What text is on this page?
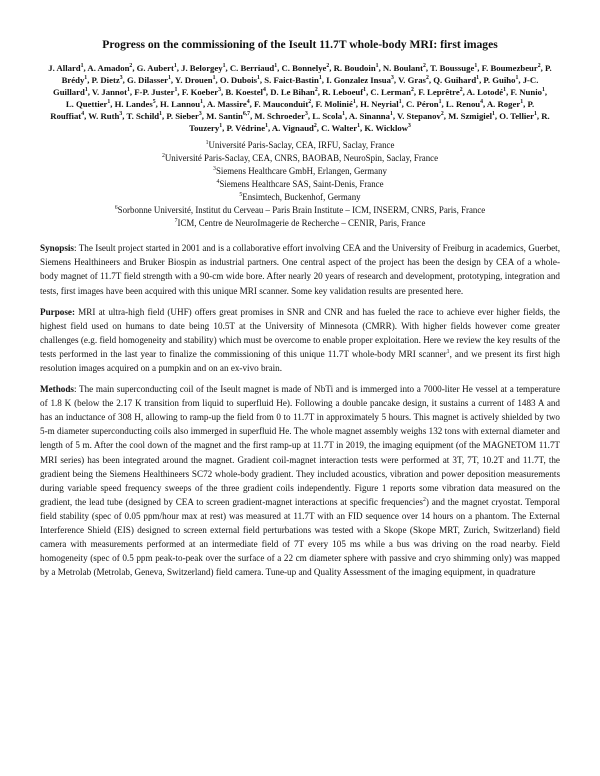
Progress on the commissioning of the Iseult 11.7T whole-body MRI: first images
J. Allard$^1$, A. Amadon$^2$, G. Aubert$^1$, J. Belorgey$^1$, C. Berriaud$^1$, C. Bonnelye$^2$, R. Boudoin$^1$, N. Boulant$^2$, T. Boussuge$^1$, F. Boumezbeur$^2$, P. Brédy$^1$, P. Dietz$^3$, G. Dilasser$^1$, Y. Drouen$^1$, O. Dubois$^1$, S. Faict-Bastin$^1$, I. Gonzalez Insua$^3$, V. Gras$^2$, Q. Guihard$^1$, P. Guiho$^1$, J-C. Guillard$^1$, V. Jannot$^1$, F-P. Juster$^1$, F. Koeber$^3$, B. Koestel$^4$, D. Le Bihan$^2$, R. Leboeuf$^1$, C. Lerman$^2$, F. Leprêtre$^2$, A. Lotodé$^1$, F. Nunio$^1$, L. Quettier$^1$, H. Landes$^5$, H. Lannou$^1$, A. Massire$^4$, F. Mauconduit$^2$, F. Molinié$^1$, H. Neyrial$^1$, C. Péron$^1$, L. Renou$^4$, A. Roger$^1$, P. Rouffiat$^4$, W. Ruth$^3$, T. Schild$^1$, P. Sieber$^3$, M. Santin$^{6,7}$, M. Schroeder$^3$, L. Scola$^1$, A. Sinanna$^1$, V. Stepanov$^2$, M. Szmigiel$^1$, O. Tellier$^1$, R. Touzery$^1$, P. Védrine$^1$, A. Vignaud$^2$, C. Walter$^1$, K. Wicklow$^3$
$^1$Université Paris-Saclay, CEA, IRFU, Saclay, France
$^2$Université Paris-Saclay, CEA, CNRS, BAOBAB, NeuroSpin, Saclay, France
$^3$Siemens Healthcare GmbH, Erlangen, Germany
$^4$Siemens Healthcare SAS, Saint-Denis, France
$^5$Ensimtech, Buckenhof, Germany
$^6$Sorbonne Université, Institut du Cerveau – Paris Brain Institute – ICM, INSERM, CNRS, Paris, France
$^7$ICM, Centre de NeuroImagerie de Recherche – CENIR, Paris, France

Synopsis: The Iseult project started in 2001 and is a collaborative effort involving CEA and the University of Freiburg in academics, Guerbet, Siemens Healthineers and Bruker Biospin as industrial partners. One central aspect of the project has been the design by CEA of a whole-body magnet of 11.7T field strength with a 90-cm wide bore. After nearly 20 years of research and development, prototyping, integration and tests, first images have been acquired with this unique MRI scanner. Some key validation results are presented here.

Purpose: MRI at ultra-high field (UHF) offers great promises in SNR and CNR and has fueled the race to achieve ever higher fields, the highest field used on humans to date being 10.5T at the University of Minnesota (CMRR). With higher fields however come greater challenges (e.g. field homogeneity and stability) which must be overcome to enable proper exploitation. Here we review the key results of the tests performed in the last year to finalize the commissioning of this unique 11.7T whole-body MRI scanner$^1$, and we present its first high resolution images acquired on a pumpkin and on an ex-vivo brain.

Methods: The main superconducting coil of the Iseult magnet is made of NbTi and is immerged into a 7000-liter He vessel at a temperature of 1.8 K (below the 2.17 K transition from liquid to superfluid He). Following a double pancake design, it sustains a current of 1483 A and has an inductance of 308 H, allowing to ramp-up the field from 0 to 11.7T in approximately 5 hours. This magnet is actively shielded by two 5-m diameter superconducting coils also immerged in superfluid He. The whole magnet assembly weighs 132 tons with external diameter and length of 5 m. After the cool down of the magnet and the first ramp-up at 11.7T in 2019, the imaging equipment (of the MAGNETOM 11.7T MRI series) has been integrated around the magnet. Gradient coil-magnet interaction tests were performed at 3T, 7T, 10.2T and 11.7T, the gradient being the Siemens Healthineers SC72 whole-body gradient. They included acoustics, vibration and power deposition measurements during variable speed frequency sweeps of the three gradient coils independently. Figure 1 reports some vibration data measured on the gradient, the lead tube (designed by CEA to screen gradient-magnet interactions at specific frequencies$^2$) and the magnet cryostat. Temporal field stability (spec of 0.05 ppm/hour max at rest) was measured at 11.7T with an FID sequence over 14 hours on a phantom. The External Interference Shield (EIS) designed to screen external field perturbations was tested with a Skope (Skope MRT, Zurich, Switzerland) field camera with measurements performed at an intermediate field of 7T every 105 ms while a bus was driving on the road nearby. Field homogeneity (spec of 0.5 ppm peak-to-peak over the surface of a 22 cm diameter sphere with passive and cryo shimming only) was mapped by a Metrolab (Metrolab, Geneva, Switzerland) field camera. Tune-up and Quality Assessment of the imaging equipment, in quadrature
